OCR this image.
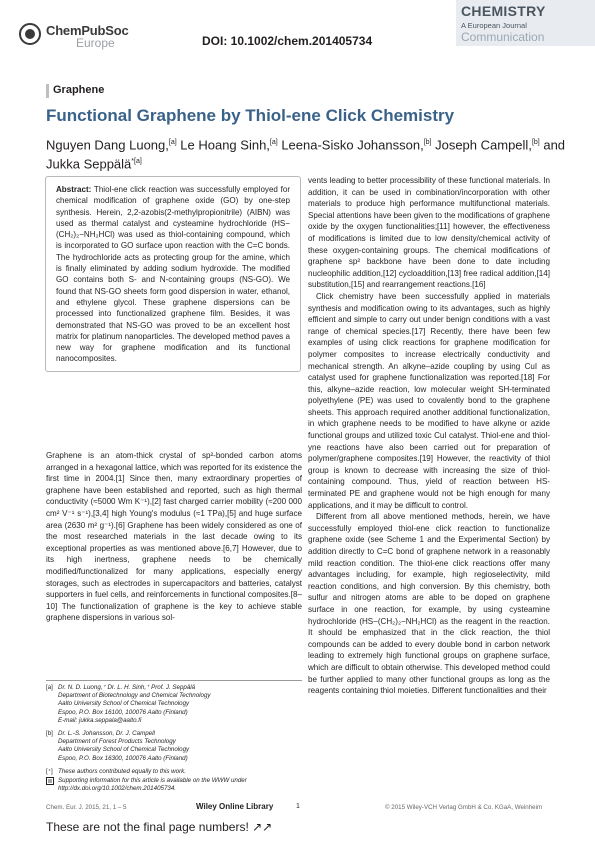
ChemPubSoc
Europe	DOI: 10.1002/chem.201405734
CHEMISTRY
A European Journal
Communication
Graphene
Functional Graphene by Thiol-ene Click Chemistry
Nguyen Dang Luong,[a] Le Hoang Sinh,[a] Leena-Sisko Johansson,[b] Joseph Campell,[b] and
Jukka Seppälä$^{*[a]}$

Abstract: Thiol-ene click reaction was successfully employed for chemical modification of graphene oxide (GO) by one-step synthesis. Herein, 2,2-azobis(2-methylpropionitrile) (AIBN) was used as thermal catalyst and cysteamine hydrochloride (HS−(CH₂)₂−NH₂HCl) was used as thiol-containing compound, which is incorporated to GO surface upon reaction with the C=C bonds. The hydrochloride acts as protecting group for the amine, which is finally eliminated by adding sodium hydroxide. The modified GO contains both S- and N-containing groups (NS-GO). We found that NS-GO sheets form good dispersion in water, ethanol, and ethylene glycol. These graphene dispersions can be processed into functionalized graphene film. Besides, it was demonstrated that NS-GO was proved to be an excellent host matrix for platinum nanoparticles. The developed method paves a new way for graphene modification and its functional nanocomposites.

Graphene is an atom-thick crystal of sp²-bonded carbon atoms arranged in a hexagonal lattice, which was reported for its existence the first time in 2004.[1] Since then, many extraordinary properties of graphene have been established and reported, such as high thermal conductivity (≈5000 Wm K⁻¹),[2] fast charged carrier mobility (≈200 000 cm² V⁻¹ s⁻¹),[3,4] high Young's modulus (≈1 TPa),[5] and huge surface area (2630 m² g⁻¹).[6] Graphene has been widely considered as one of the most researched materials in the last decade owing to its exceptional properties as was mentioned above.[6,7] However, due to its high inertness, graphene needs to be chemically modified/functionalized for many applications, especially energy storages, such as electrodes in supercapacitors and batteries, catalyst supporters in fuel cells, and reinforcements in functional composites.[8–10] The functionalization of graphene is the key to achieve stable graphene dispersions in various sol-

vents leading to better processibility of these functional materials. In addition, it can be used in combination/incorporation with other materials to produce high performance multifunctional materials. Special attentions have been given to the modifications of graphene oxide by the oxygen functionalities;[11] however, the effectiveness of modifications is limited due to low density/chemical activity of these oxygen-containing groups. The chemical modifications of graphene sp² backbone have been done to date including nucleophilic addition,[12] cycloaddition,[13] free radical addition,[14] substitution,[15] and rearrangement reactions.[16]

Click chemistry have been successfully applied in materials synthesis and modification owing to its advantages, such as highly efficient and simple to carry out under benign conditions with a vast range of chemical species.[17] Recently, there have been few examples of using click reactions for graphene modification for polymer composites to increase electrically conductivity and mechanical strength. An alkyne–azide coupling by using CuI as catalyst used for graphene functionalization was reported.[18] For this, alkyne–azide reaction, low molecular weight SH-terminated polyethylene (PE) was used to covalently bond to the graphene sheets. This approach required another additional functionalization, in which graphene needs to be modified to have alkyne or azide functional groups and utilized toxic CuI catalyst. Thiol-ene and thiol-yne reactions have also been carried out for preparation of polymer/graphene composites.[19] However, the reactivity of thiol group is known to decrease with increasing the size of thiol-containing compound. Thus, yield of reaction between HS-terminated PE and graphene would not be high enough for many applications, and it may be difficult to control.

Different from all above mentioned methods, herein, we have successfully employed thiol-ene click reaction to functionalize graphene oxide (see Scheme 1 and the Experimental Section) by addition directly to C=C bond of graphene network in a reasonably mild reaction condition. The thiol-ene click reactions offer many advantages including, for example, high regioselectivity, mild reaction conditions, and high conversion. By this chemistry, both sulfur and nitrogen atoms are able to be doped on graphene surface in one reaction, for example, by using cysteamine hydrochloride (HS−(CH₂)₂−NH₂HCl) as the reagent in the reaction. It should be emphasized that in the click reaction, the thiol compounds can be added to every double bond in carbon network leading to extremely high functional groups on graphene surface, which are difficult to obtain otherwise. This developed method could be further applied to many other functional groups as long as the reagents containing thiol moieties. Different functionalities and their

[a] Dr. N. D. Luong,⁺ Dr. L. H. Sinh,⁺ Prof. J. Seppälä
Department of Biotechnology and Chemical Technology
Aalto University School of Chemical Technology
Espoo, P.O. Box 16100, 100076 Aalto (Finland)
E-mail: jukka.seppala@aalto.fi
[b] Dr. L.-S. Johansson, Dr. J. Campell
Department of Forest Products Technology
Aalto University School of Chemical Technology
Espoo, P.O. Box 16300, 100076 Aalto (Finland)
[⁺] These authors contributed equally to this work.
Supporting information for this article is available on the WWW under http://dx.doi.org/10.1002/chem.201405734.
Chem. Eur. J. 2015, 21, 1 – 5	Wiley Online Library	1	© 2015 Wiley-VCH Verlag GmbH & Co. KGaA, Weinheim
These are not the final page numbers! ↗↗
